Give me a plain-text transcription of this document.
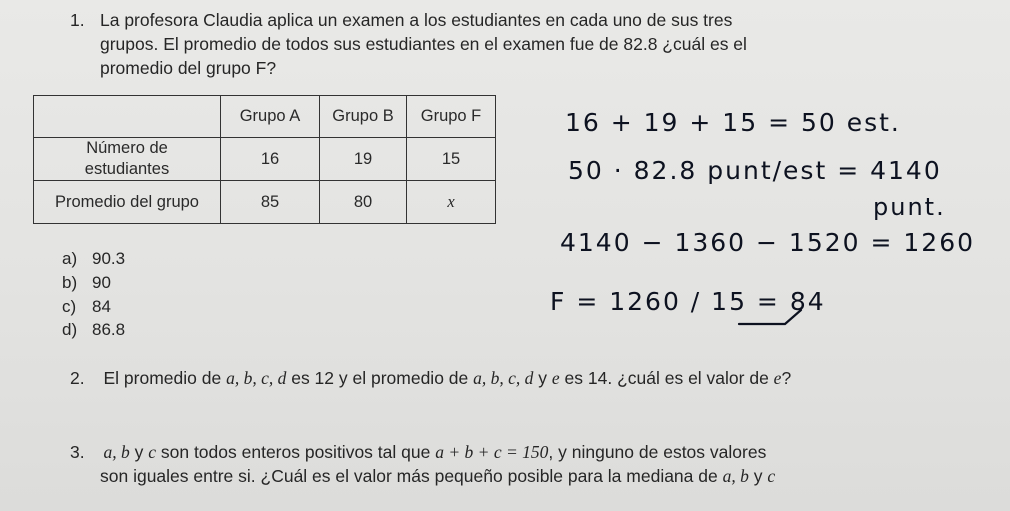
1. La profesora Claudia aplica un examen a los estudiantes en cada uno de sus tres
grupos. El promedio de todos sus estudiantes en el examen fue de 82.8 ¿cuál es el
promedio del grupo F?
	Grupo A	Grupo B	Grupo F
Número de
estudiantes	16	19	15
Promedio del grupo	85	80	x
a) 90.3
b) 90
c) 84
d) 86.8
16 + 19 + 15 = 50 est.
50 · 82.8 punt/est = 4140
punt.
4140 − 1360 − 1520 = 1260
F = 1260 / 15 = 84
2. El promedio de a, b, c, d es 12 y el promedio de a, b, c, d y e es 14. ¿cuál es el valor de e?
3. a, b y c son todos enteros positivos tal que a + b + c = 150, y ninguno de estos valores
son iguales entre si. ¿Cuál es el valor más pequeño posible para la mediana de a, b y c
